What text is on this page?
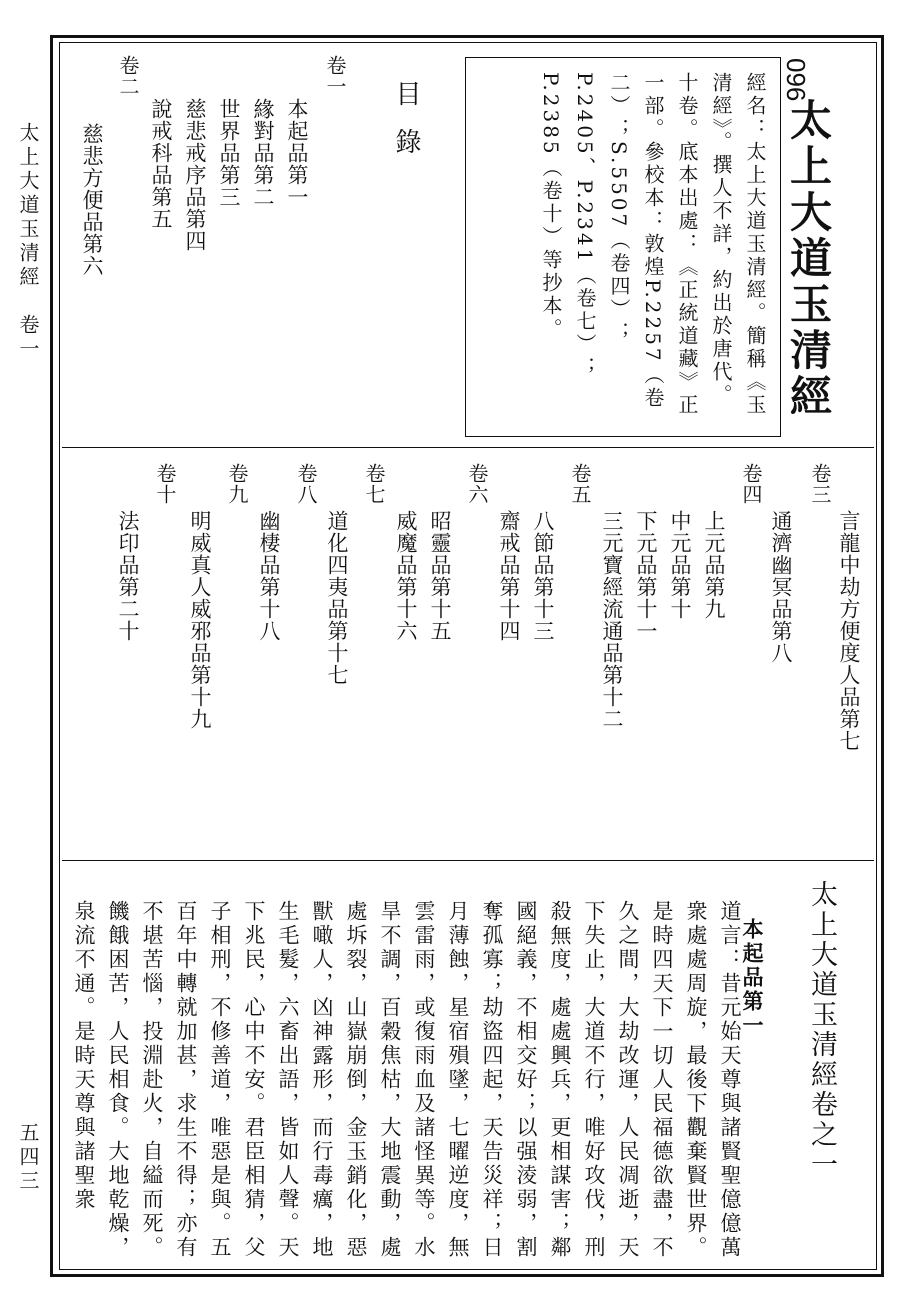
太上大道玉清經　卷一
五四三
096
太上大道玉清經
經名：太上大道玉清經。簡稱《玉清經》。撰人不詳，約出於唐代。十卷。底本出處：《正統道藏》正一部。參校本：敦煌P.2257（卷二）；S.5507（卷四）；P.2405、P.2341（卷七）；P.2385（卷十）等抄本。
目錄
卷一
本起品第一
緣對品第二
世界品第三
慈悲戒序品第四
說戒科品第五
卷二
慈悲方便品第六
言龍中劫方便度人品第七
卷三
通濟幽冥品第八
卷四
上元品第九
中元品第十
下元品第十一
三元寶經流通品第十二
卷五
八節品第十三
齋戒品第十四
卷六
昭靈品第十五
威魔品第十六
卷七
道化四夷品第十七
卷八
幽棲品第十八
卷九
明威真人威邪品第十九
卷十
法印品第二十
太上大道玉清經卷之一
本起品第一
道言：昔元始天尊與諸賢聖億億萬衆處處周旋，最後下觀棄賢世界。是時四天下一切人民福德欲盡，不久之間，大劫改運，人民凋逝，天下失止，大道不行，唯好攻伐，刑殺無度，處處興兵，更相謀害；鄰國絕義，不相交好；以强淩弱，割奪孤寡；劫盜四起，天告災祥；日月薄蝕，星宿殞墜，七曜逆度，無雲雷雨，或復雨血及諸怪異等。水旱不調，百穀焦枯，大地震動，處處坼裂，山嶽崩倒，金玉銷化，惡獸噉人，凶神露形，而行毒癘，地生毛髮，六畜出語，皆如人聲。天下兆民，心中不安。君臣相猜，父子相刑，不修善道，唯惡是與。五百年中轉就加甚，求生不得；亦有不堪苦惱，投淵赴火，自縊而死。饑餓困苦，人民相食。大地乾燥，泉流不通。是時天尊與諸聖衆
